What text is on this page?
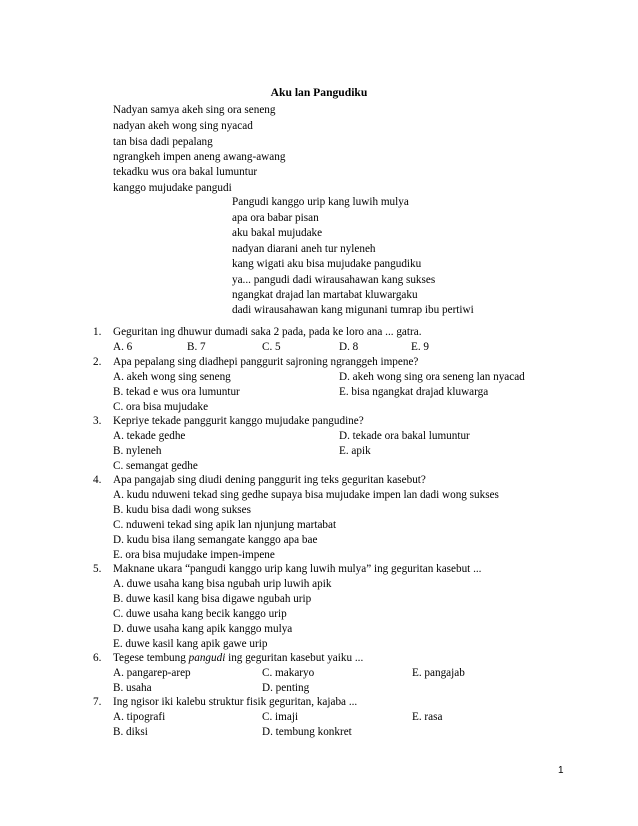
Aku lan Pangudiku
Nadyan samya akeh sing ora seneng
nadyan akeh wong sing nyacad
tan bisa dadi pepalang
ngrangkeh impen aneng awang-awang
tekadku wus ora bakal lumuntur
kanggo mujudake pangudi
Pangudi kanggo urip kang luwih mulya
apa ora babar pisan
aku bakal mujudake
nadyan diarani aneh tur nyleneh
kang wigati aku bisa mujudake pangudiku
ya... pangudi dadi wirausahawan kang sukses
ngangkat drajad lan martabat kluwargaku
dadi wirausahawan kang migunani tumrap ibu pertiwi
1. Geguritan ing dhuwur dumadi saka 2 pada, pada ke loro ana ... gatra.
A. 6	B. 7	C. 5	D. 8	E. 9
2. Apa pepalang sing diadhepi panggurit sajroning ngranggeh impene?
A. akeh wong sing seneng	D. akeh wong sing ora seneng lan nyacad
B. tekad e wus ora lumuntur	E. bisa ngangkat drajad kluwarga
C. ora bisa mujudake
3. Kepriye tekade panggurit kanggo mujudake pangudine?
A. tekade gedhe	D. tekade ora bakal lumuntur
B. nyleneh	E. apik
C. semangat gedhe
4. Apa pangajab sing diudi dening panggurit ing teks geguritan kasebut?
A. kudu nduweni tekad sing gedhe supaya bisa mujudake impen lan dadi wong sukses
B. kudu bisa dadi wong sukses
C. nduweni tekad sing apik lan njunjung martabat
D. kudu bisa ilang semangate kanggo apa bae
E. ora bisa mujudake impen-impene
5. Maknane ukara “pangudi kanggo urip kang luwih mulya” ing geguritan kasebut ...
A. duwe usaha kang bisa ngubah urip luwih apik
B. duwe kasil kang bisa digawe ngubah urip
C. duwe usaha kang becik kanggo urip
D. duwe usaha kang apik kanggo mulya
E. duwe kasil kang apik gawe urip
6. Tegese tembung pangudi ing geguritan kasebut yaiku ...
A. pangarep-arep	C. makaryo	E. pangajab
B. usaha	D. penting
7. Ing ngisor iki kalebu struktur fisik geguritan, kajaba ...
A. tipografi	C. imaji	E. rasa
B. diksi	D. tembung konkret
1
